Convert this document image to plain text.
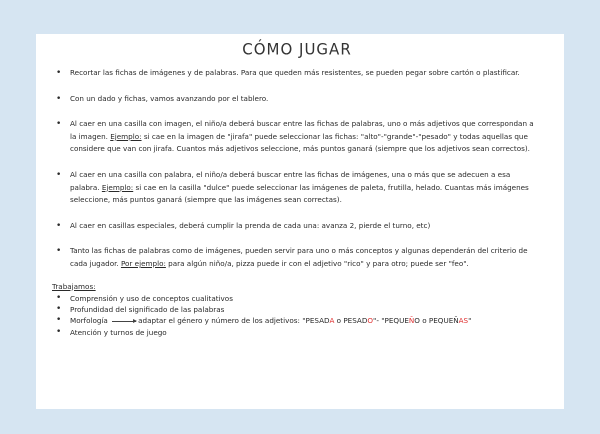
CÓMO JUGAR
• Recortar las fichas de imágenes y de palabras. Para que queden más resistentes, se pueden pegar sobre cartón o plastificar.
• Con un dado y fichas, vamos avanzando por el tablero.
• Al caer en una casilla con imagen, el niño/a deberá buscar entre las fichas de palabras, uno o más adjetivos que correspondan a la imagen. Ejemplo: si cae en la imagen de "jirafa" puede seleccionar las fichas: "alto"-"grande"-"pesado" y todas aquellas que considere que van con jirafa. Cuantos más adjetivos seleccione, más puntos ganará (siempre que los adjetivos sean correctos).
• Al caer en una casilla con palabra, el niño/a deberá buscar entre las fichas de imágenes, una o más que se adecuen a esa palabra. Ejemplo: si cae en la casilla "dulce" puede seleccionar las imágenes de paleta, frutilla, helado. Cuantas más imágenes seleccione, más puntos ganará (siempre que las imágenes sean correctas).
• Al caer en casillas especiales, deberá cumplir la prenda de cada una: avanza 2, pierde el turno, etc)
• Tanto las fichas de palabras como de imágenes, pueden servir para uno o más conceptos y algunas dependerán del criterio de cada jugador. Por ejemplo: para algún niño/a, pizza puede ir con el adjetivo "rico" y para otro; puede ser "feo".
Trabajamos:
• Comprensión y uso de conceptos cualitativos
• Profundidad del significado de las palabras
• Morfología	adaptar el género y número de los adjetivos: "PESADA o PESADO"- "PEQUEÑO o PEQUEÑAS"
• Atención y turnos de juego
